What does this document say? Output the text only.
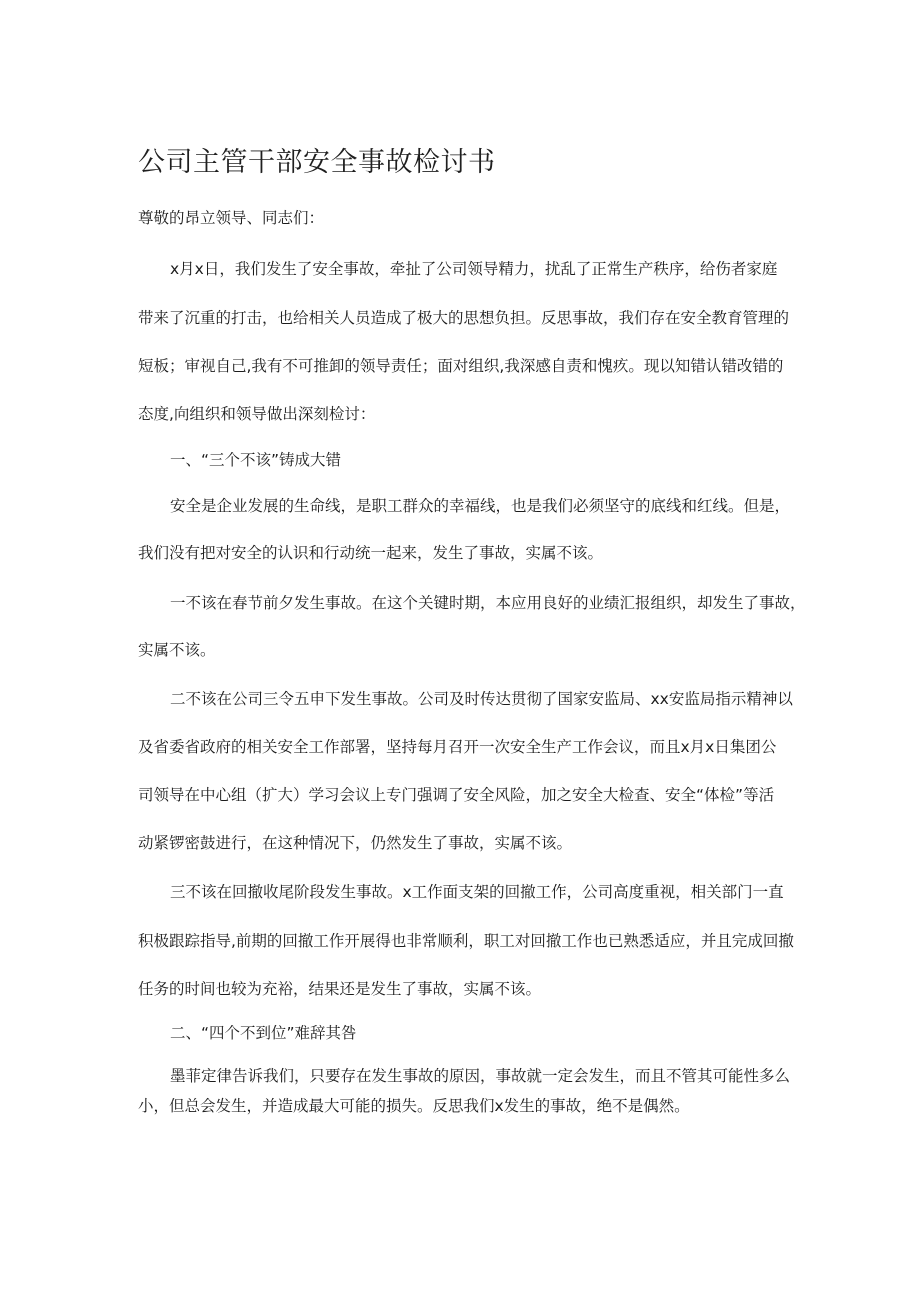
公司主管干部安全事故检讨书
尊敬的昂立领导、同志们：
x月x日，我们发生了安全事故，牵扯了公司领导精力，扰乱了正常生产秩序，给伤者家庭
带来了沉重的打击，也给相关人员造成了极大的思想负担。反思事故，我们存在安全教育管理的
短板；审视自己,我有不可推卸的领导责任；面对组织,我深感自责和愧疚。现以知错认错改错的
态度,向组织和领导做出深刻检讨：
一、“三个不该”铸成大错
安全是企业发展的生命线，是职工群众的幸福线，也是我们必须坚守的底线和红线。但是，
我们没有把对安全的认识和行动统一起来，发生了事故，实属不该。
一不该在春节前夕发生事故。在这个关键时期，本应用良好的业绩汇报组织，却发生了事故，
实属不该。
二不该在公司三令五申下发生事故。公司及时传达贯彻了国家安监局、xx安监局指示精神以
及省委省政府的相关安全工作部署，坚持每月召开一次安全生产工作会议，而且x月x日集团公
司领导在中心组（扩大）学习会议上专门强调了安全风险，加之安全大检查、安全“体检”等活
动紧锣密鼓进行，在这种情况下，仍然发生了事故，实属不该。
三不该在回撤收尾阶段发生事故。x工作面支架的回撤工作，公司高度重视，相关部门一直
积极跟踪指导,前期的回撤工作开展得也非常顺利，职工对回撤工作也已熟悉适应，并且完成回撤
任务的时间也较为充裕，结果还是发生了事故，实属不该。
二、“四个不到位”难辞其咎
墨菲定律告诉我们，只要存在发生事故的原因，事故就一定会发生，而且不管其可能性多么
小，但总会发生，并造成最大可能的损失。反思我们x发生的事故，绝不是偶然。
